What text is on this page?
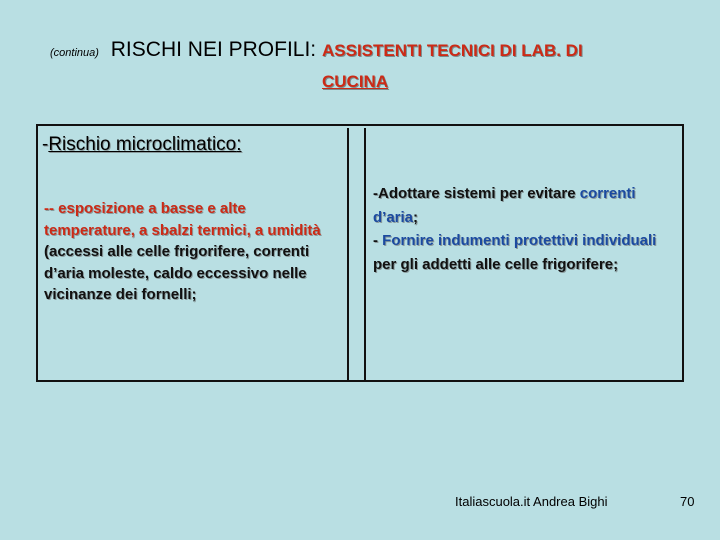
(continua) RISCHI NEI PROFILI: ASSISTENTI TECNICI DI LAB. DI
CUCINA
-Rischio microclimatico:
-- esposizione a basse e alte temperature, a sbalzi termici, a umidità (accessi alle celle frigorifere, correnti d’aria moleste, caldo eccessivo nelle vicinanze dei fornelli;
-Adottare sistemi per evitare correnti d’aria;
- Fornire indumenti protettivi individuali per gli addetti alle celle frigorifere;
Italiascuola.it Andrea Bighi	70
